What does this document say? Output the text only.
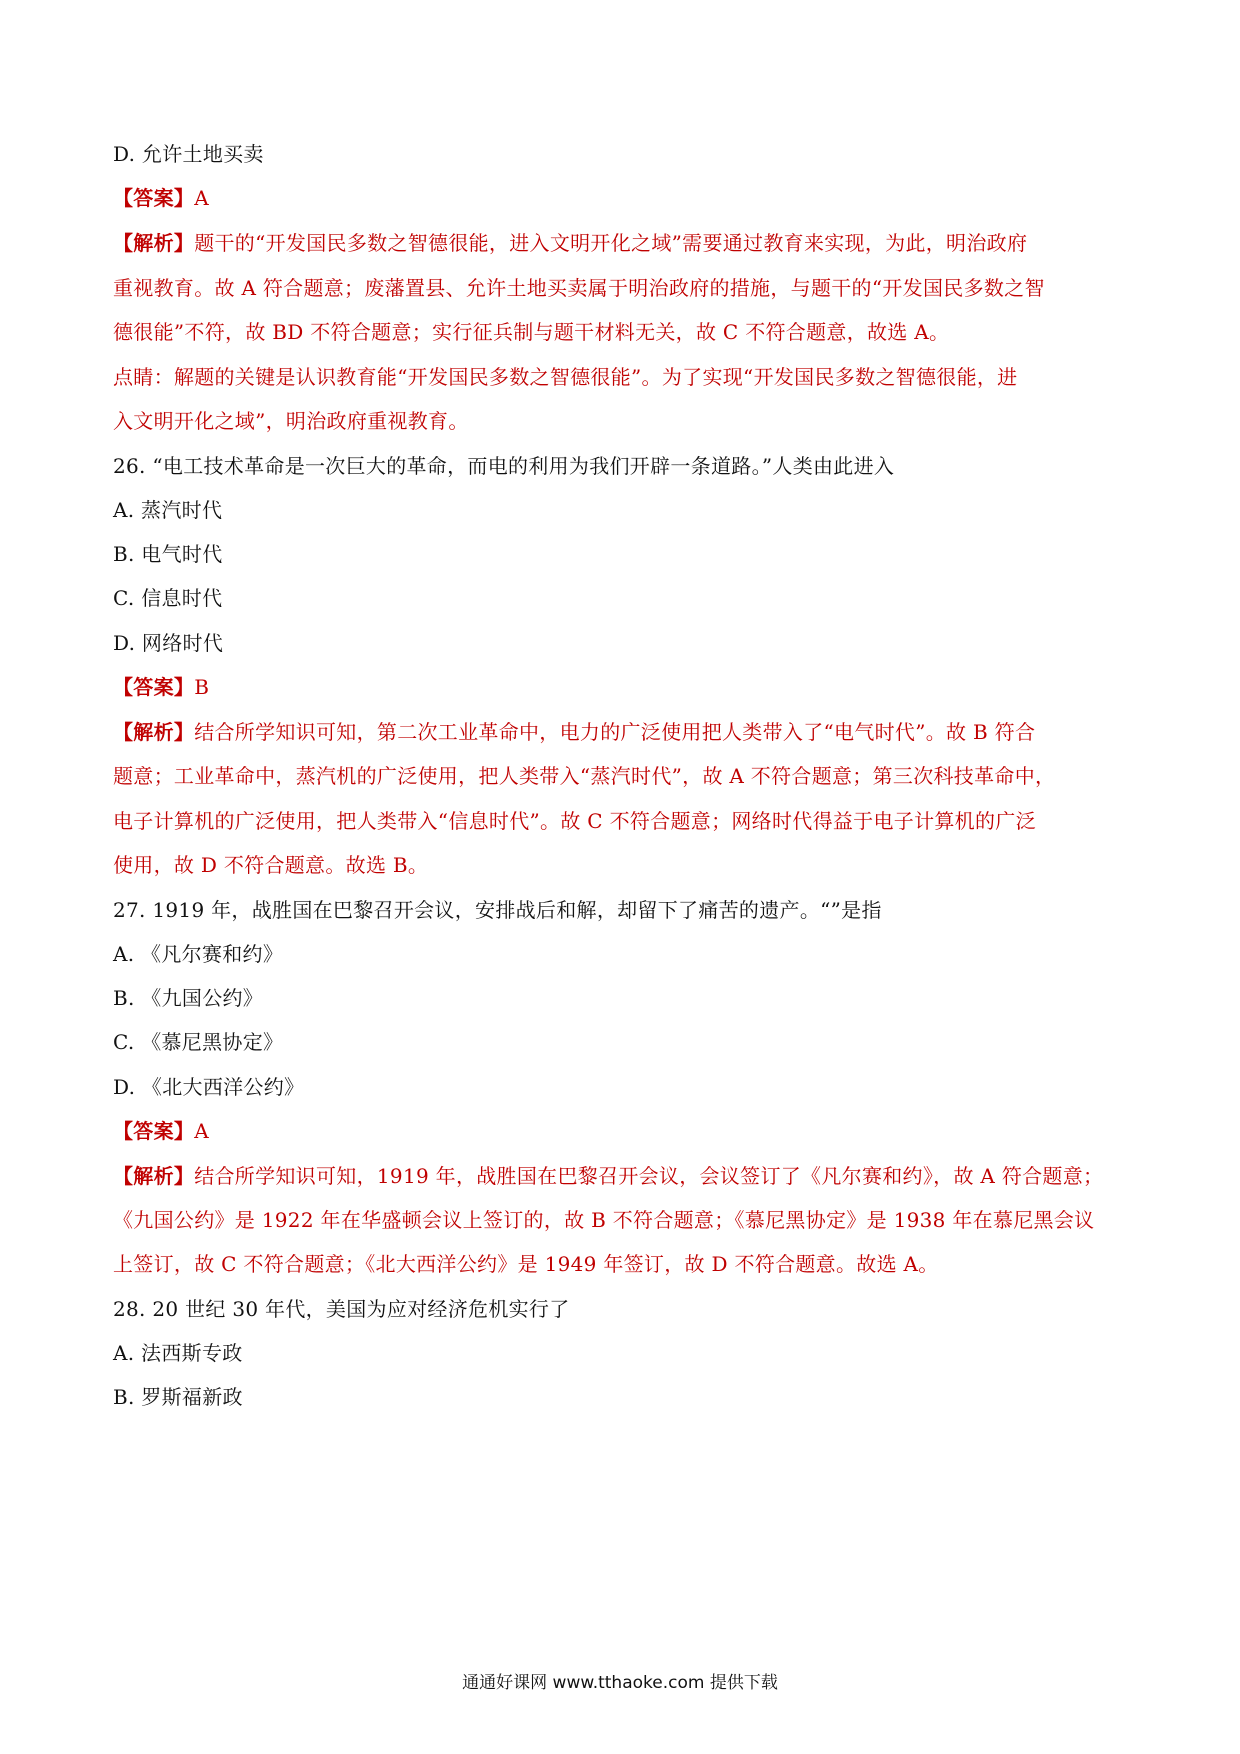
D. 允许土地买卖
【答案】A
【解析】题干的“开发国民多数之智德很能，进入文明开化之域”需要通过教育来实现，为此，明治政府
重视教育。故 A 符合题意；废藩置县、允许土地买卖属于明治政府的措施，与题干的“开发国民多数之智
德很能”不符，故 BD 不符合题意；实行征兵制与题干材料无关，故 C 不符合题意，故选 A。
点睛：解题的关键是认识教育能“开发国民多数之智德很能”。为了实现“开发国民多数之智德很能，进
入文明开化之域”，明治政府重视教育。
26. “电工技术革命是一次巨大的革命，而电的利用为我们开辟一条道路。”人类由此进入
A. 蒸汽时代
B. 电气时代
C. 信息时代
D. 网络时代
【答案】B
【解析】结合所学知识可知，第二次工业革命中，电力的广泛使用把人类带入了“电气时代”。故 B 符合
题意；工业革命中，蒸汽机的广泛使用，把人类带入“蒸汽时代”，故 A 不符合题意；第三次科技革命中，
电子计算机的广泛使用，把人类带入“信息时代”。故 C 不符合题意；网络时代得益于电子计算机的广泛
使用，故 D 不符合题意。故选 B。
27. 1919 年，战胜国在巴黎召开会议，安排战后和解，却留下了痛苦的遗产。“”是指
A. 《凡尔赛和约》
B. 《九国公约》
C. 《慕尼黑协定》
D. 《北大西洋公约》
【答案】A
【解析】结合所学知识可知，1919 年，战胜国在巴黎召开会议，会议签订了《凡尔赛和约》，故 A 符合题意；
《九国公约》是 1922 年在华盛顿会议上签订的，故 B 不符合题意；《慕尼黑协定》是 1938 年在慕尼黑会议
上签订，故 C 不符合题意；《北大西洋公约》是 1949 年签订，故 D 不符合题意。故选 A。
28. 20 世纪 30 年代，美国为应对经济危机实行了
A. 法西斯专政
B. 罗斯福新政
通通好课网 www.tthaoke.com 提供下载
